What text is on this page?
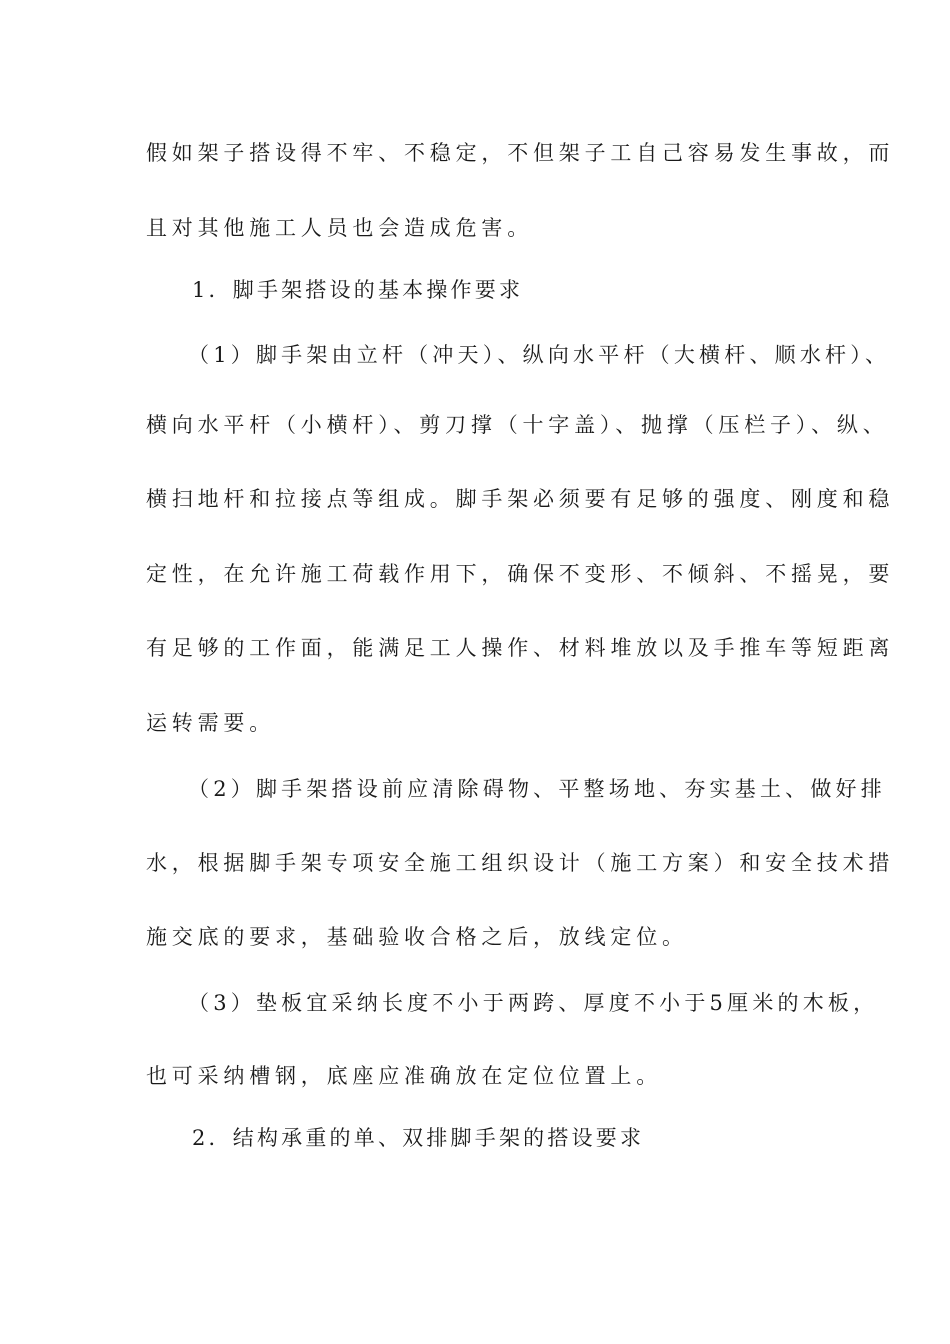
假如架子搭设得不牢、不稳定，不但架子工自己容易发生事故，而
且对其他施工人员也会造成危害。
1．脚手架搭设的基本操作要求
（1）脚手架由立杆（冲天）、纵向水平杆（大横杆、顺水杆）、
横向水平杆（小横杆）、剪刀撑（十字盖）、抛撑（压栏子）、纵、
横扫地杆和拉接点等组成。脚手架必须要有足够的强度、刚度和稳
定性，在允许施工荷载作用下，确保不变形、不倾斜、不摇晃，要
有足够的工作面，能满足工人操作、材料堆放以及手推车等短距离
运转需要。
（2）脚手架搭设前应清除碍物、平整场地、夯实基土、做好排
水，根据脚手架专项安全施工组织设计（施工方案）和安全技术措
施交底的要求，基础验收合格之后，放线定位。
（3）垫板宜采纳长度不小于两跨、厚度不小于5厘米的木板，
也可采纳槽钢，底座应准确放在定位位置上。
2．结构承重的单、双排脚手架的搭设要求
